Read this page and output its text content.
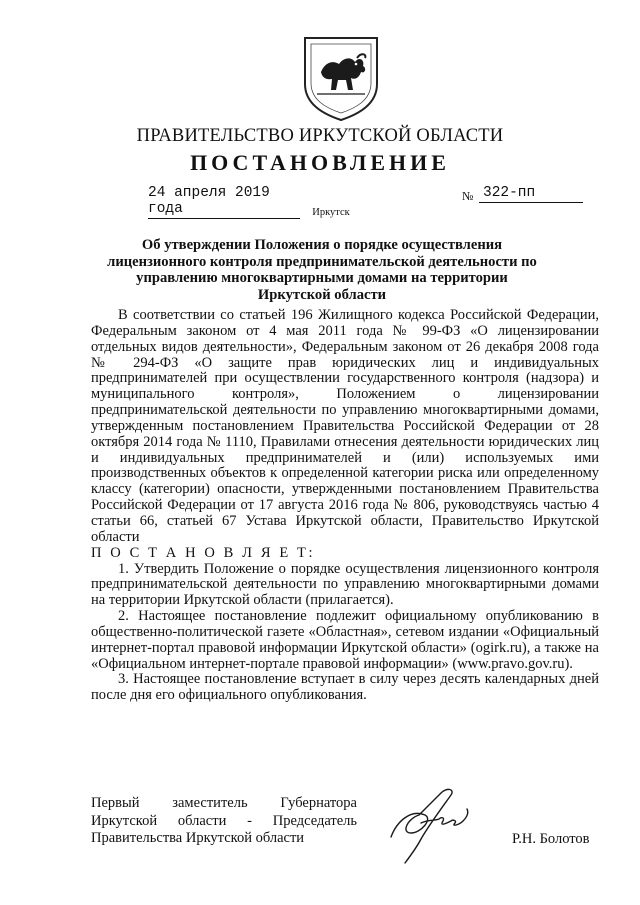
ПРАВИТЕЛЬСТВО ИРКУТСКОЙ ОБЛАСТИ
ПОСТАНОВЛЕНИЕ
24 апреля 2019 года
№ 322-пп
Иркутск
Об утверждении Положения о порядке осуществления лицензионного контроля предпринимательской деятельности по управлению многоквартирными домами на территории Иркутской области

В соответствии со статьей 196 Жилищного кодекса Российской Федерации, Федеральным законом от 4 мая 2011 года № 99-ФЗ «О лицензировании отдельных видов деятельности», Федеральным законом от 26 декабря 2008 года № 294-ФЗ «О защите прав юридических лиц и индивидуальных предпринимателей при осуществлении государственного контроля (надзора) и муниципального контроля», Положением о лицензировании предпринимательской деятельности по управлению многоквартирными домами, утвержденным постановлением Правительства Российской Федерации от 28 октября 2014 года № 1110, Правилами отнесения деятельности юридических лиц и индивидуальных предпринимателей и (или) используемых ими производственных объектов к определенной категории риска или определенному классу (категории) опасности, утвержденными постановлением Правительства Российской Федерации от 17 августа 2016 года № 806, руководствуясь частью 4 статьи 66, статьей 67 Устава Иркутской области, Правительство Иркутской области

П О С Т А Н О В Л Я Е Т:

1. Утвердить Положение о порядке осуществления лицензионного контроля предпринимательской деятельности по управлению многоквартирными домами на территории Иркутской области (прилагается).

2. Настоящее постановление подлежит официальному опубликованию в общественно-политической газете «Областная», сетевом издании «Официальный интернет-портал правовой информации Иркутской области» (ogirk.ru), а также на «Официальном интернет-портале правовой информации» (www.pravo.gov.ru).

3. Настоящее постановление вступает в силу через десять календарных дней после дня его официального опубликования.

Первый заместитель Губернатора
Иркутской области - Председатель
Правительства Иркутской области	Р.Н. Болотов
